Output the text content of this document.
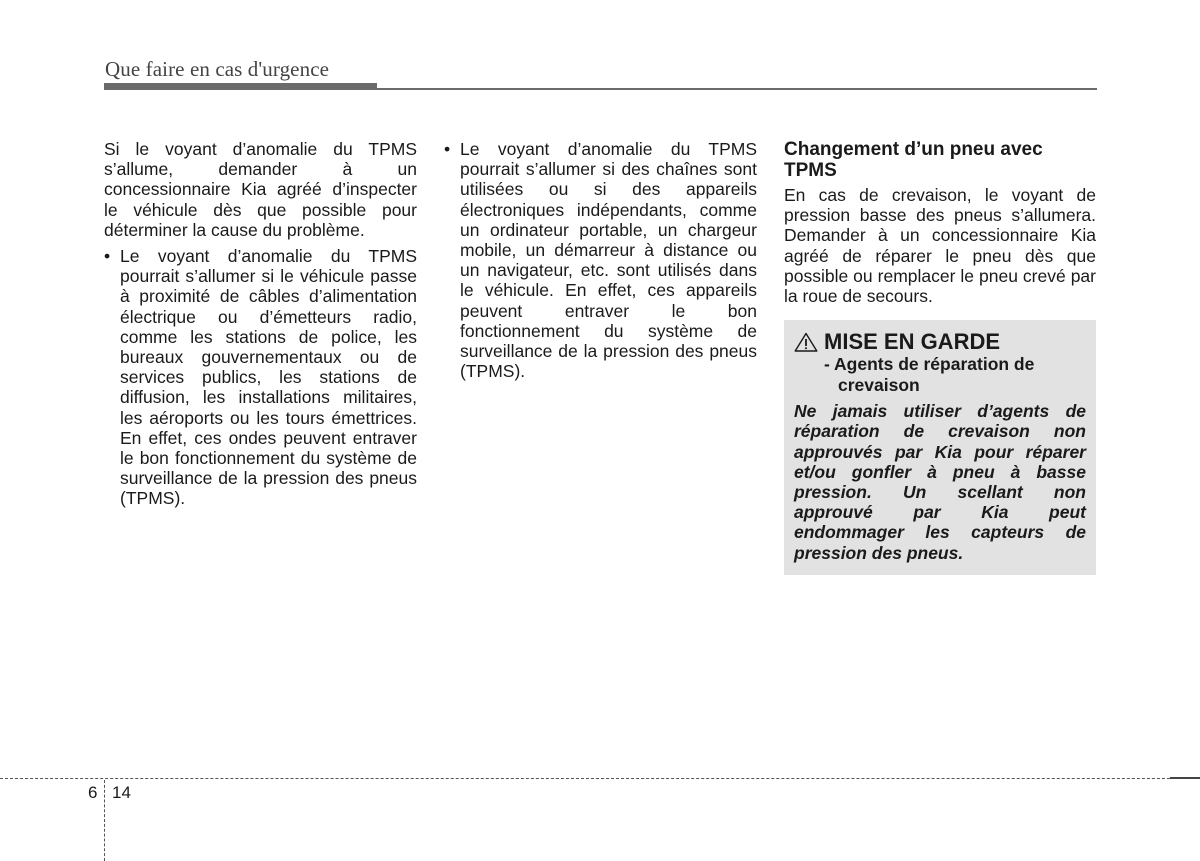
Que faire en cas d'urgence

Si le voyant d’anomalie du TPMS s’allume, demander à un concessionnaire Kia agréé d’inspecter le véhicule dès que possible pour déterminer la cause du problème.

• Le voyant d’anomalie du TPMS pourrait s’allumer si le véhicule passe à proximité de câbles d’alimentation électrique ou d’émetteurs radio, comme les stations de police, les bureaux gouvernementaux ou de services publics, les stations de diffusion, les installations militaires, les aéroports ou les tours émettrices. En effet, ces ondes peuvent entraver le bon fonctionnement du système de surveillance de la pression des pneus (TPMS).
• Le voyant d’anomalie du TPMS pourrait s’allumer si des chaînes sont utilisées ou si des appareils électroniques indépendants, comme un ordinateur portable, un chargeur mobile, un démarreur à distance ou un navigateur, etc. sont utilisés dans le véhicule. En effet, ces appareils peuvent entraver le bon fonctionnement du système de surveillance de la pression des pneus (TPMS).
Changement d’un pneu avec TPMS

En cas de crevaison, le voyant de pression basse des pneus s’allumera. Demander à un concessionnaire Kia agréé de réparer le pneu dès que possible ou remplacer le pneu crevé par la roue de secours.

MISE EN GARDE
- Agents de réparation de crevaison
Ne jamais utiliser d’agents de réparation de crevaison non approuvés par Kia pour réparer et/ou gonfler à pneu à basse pression. Un scellant non approuvé par Kia peut endommager les capteurs de pression des pneus.
6 14
